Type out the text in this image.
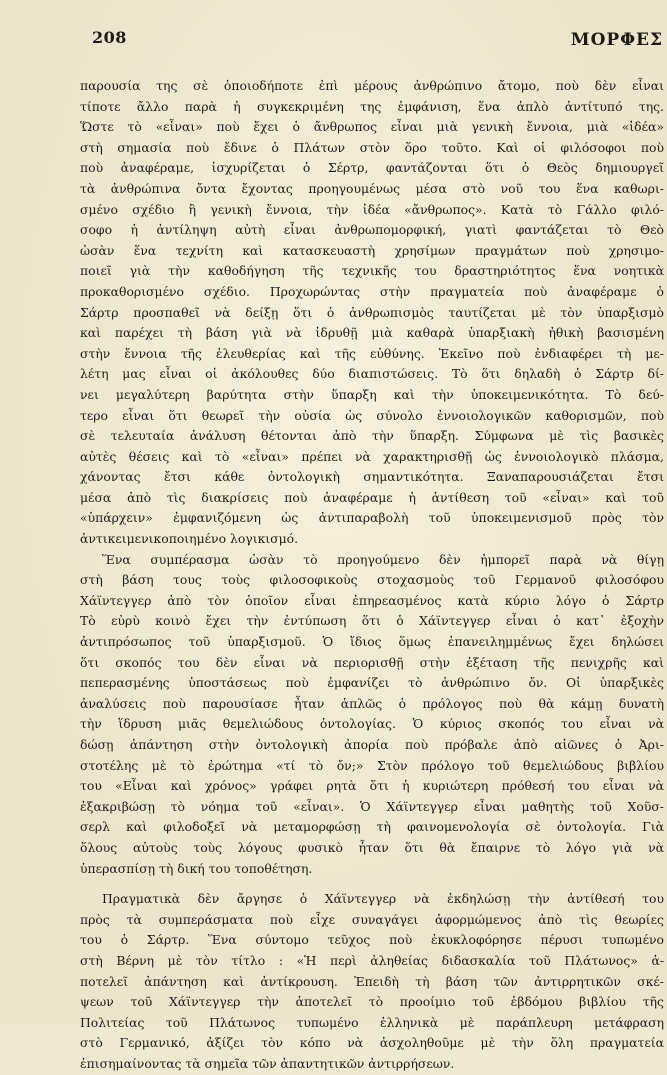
208	ΜΟΡΦΕΣ
παρουσία της σὲ ὁποιοδήποτε ἐπὶ μέρους ἀνθρώπινο ἄτομο, ποὺ δὲν εἶναι
τίποτε ἄλλο παρὰ ἡ συγκεκριμένη της ἐμφάνιση, ἕνα ἁπλὸ ἀντίτυπό της.
Ὥστε τὸ «εἶναι» ποὺ ἔχει ὁ ἄνθρωπος εἶναι μιὰ γενικὴ ἔννοια, μιὰ «ἰδέα»
στὴ σημασία ποὺ ἔδινε ὁ Πλάτων στὸν ὅρο τοῦτο. Καὶ οἱ φιλόσοφοι ποὺ
ποὺ ἀναφέραμε, ἰσχυρίζεται ὁ Σέρτρ, φαντάζονται ὅτι ὁ Θεὸς δημιουργεῖ
τὰ ἀνθρώπινα ὄντα ἔχοντας προηγουμένως μέσα στὸ νοῦ του ἕνα καθωρι-
σμένο σχέδιο ἢ γενικὴ ἔννοια, τὴν ἰδέα «ἄνθρωπος». Κατὰ τὸ Γάλλο φιλό-
σοφο ἡ ἀντίληψη αὐτὴ εἶναι ἀνθρωπομορφική, γιατὶ φαντάζεται τὸ Θεὸ
ὡσὰν ἕνα τεχνίτη καὶ κατασκευαστὴ χρησίμων πραγμάτων ποὺ χρησιμο-
ποιεῖ γιὰ τὴν καθοδήγηση τῆς τεχνικῆς του δραστηριότητος ἕνα νοητικὰ
προκαθορισμένο σχέδιο. Προχωρώντας στὴν πραγματεία ποὺ ἀναφέραμε ὁ
Σάρτρ προσπαθεῖ νὰ δείξῃ ὅτι ὁ ἀνθρωπισμὸς ταυτίζεται μὲ τὸν ὑπαρξισμὸ
καὶ παρέχει τὴ βάση γιὰ νὰ ἱδρυθῇ μιὰ καθαρὰ ὑπαρξιακὴ ἠθικὴ βασισμένη
στὴν ἔννοια τῆς ἐλευθερίας καὶ τῆς εὐθύνης. Ἐκεῖνο ποὺ ἐνδιαφέρει τὴ με-
λέτη μας εἶναι οἱ ἀκόλουθες δύο διαπιστώσεις. Τὸ ὅτι δηλαδὴ ὁ Σάρτρ δί-
νει μεγαλύτερη βαρύτητα στὴν ὕπαρξη καὶ τὴν ὑποκειμενικότητα. Τὸ δεύ-
τερο εἶναι ὅτι θεωρεῖ τὴν οὐσία ὡς σύνολο ἐννοιολογικῶν καθορισμῶν, ποὺ
σὲ τελευταία ἀνάλυση θέτονται ἀπὸ τὴν ὕπαρξη. Σύμφωνα μὲ τὶς βασικὲς
αὐτὲς θέσεις καὶ τὸ «εἶναι» πρέπει νὰ χαρακτηρισθῇ ὡς ἐννοιολογικὸ πλάσμα,
χάνοντας ἔτσι κάθε ὀντολογικὴ σημαντικότητα. Ξαναπαρουσιάζεται ἔτσι
μέσα ἀπὸ τὶς διακρίσεις ποὺ ἀναφέραμε ἡ ἀντίθεση τοῦ «εἶναι» καὶ τοῦ
«ὑπάρχειν» ἐμφανιζόμενη ὡς ἀντιπαραβολὴ τοῦ ὑποκειμενισμοῦ πρὸς τὸν
ἀντικειμενικοποιημένο λογικισμό.
Ἕνα συμπέρασμα ὡσὰν τὸ προηγούμενο δὲν ἠμπορεῖ παρὰ νὰ θίγῃ
στὴ βάση τους τοὺς φιλοσοφικοὺς στοχασμοὺς τοῦ Γερμανοῦ φιλοσόφου
Χάϊντεγγερ ἀπὸ τὸν ὁποῖον εἶναι ἐπηρεασμένος κατὰ κύριο λόγο ὁ Σάρτρ
Τὸ εὐρὺ κοινὸ ἔχει τὴν ἐντύπωση ὅτι ὁ Χάϊντεγγερ εἶναι ὁ κατ᾽ ἐξοχὴν
ἀντιπρόσωπος τοῦ ὑπαρξισμοῦ. Ὁ ἴδιος ὅμως ἐπανειλημμένως ἔχει δηλώσει
ὅτι σκοπός του δὲν εἶναι νὰ περιορισθῇ στὴν ἐξέταση τῆς πενιχρῆς καὶ
πεπερασμένης ὑποστάσεως ποὺ ἐμφανίζει τὸ ἀνθρώπινο ὄν. Οἱ ὑπαρξικὲς
ἀναλύσεις ποὺ παρουσίασε ἦταν ἁπλῶς ὁ πρόλογος ποὺ θὰ κάμῃ δυνατὴ
τὴν ἵδρυση μιᾶς θεμελιώδους ὀντολογίας. Ὁ κύριος σκοπός του εἶναι νὰ
δώσῃ ἀπάντηση στὴν ὀντολογικὴ ἀπορία ποὺ πρόβαλε ἀπὸ αἰῶνες ὁ Ἀρι-
στοτέλης μὲ τὸ ἐρώτημα «τί τὸ ὄν;» Στὸν πρόλογο τοῦ θεμελιώδους βιβλίου
του «Εἶναι καὶ χρόνος» γράφει ρητὰ ὅτι ἡ κυριώτερη πρόθεσή του εἶναι νὰ
ἐξακριβώσῃ τὸ νόημα τοῦ «εἶναι». Ὁ Χάϊντεγγερ εἶναι μαθητὴς τοῦ Χοῦσ-
σερλ καὶ φιλοδοξεῖ νὰ μεταμορφώσῃ τὴ φαινομενολογία σὲ ὀντολογία. Γιὰ
ὅλους αὐτοὺς τοὺς λόγους φυσικὸ ἦταν ὅτι θὰ ἔπαιρνε τὸ λόγο γιὰ νὰ
ὑπερασπίσῃ τὴ δική του τοποθέτηση.
Πραγματικὰ δὲν ἄργησε ὁ Χάϊντεγγερ νὰ ἐκδηλώσῃ τὴν ἀντίθεσή του
πρὸς τὰ συμπεράσματα ποὺ εἶχε συναγάγει ἀφορμώμενος ἀπὸ τὶς θεωρίες
του ὁ Σάρτρ. Ἕνα σύντομο τεῦχος ποὺ ἐκυκλοφόρησε πέρυσι τυπωμένο
στὴ Βέρνη μὲ τὸν τίτλο : «Ἡ περὶ ἀληθείας διδασκαλία τοῦ Πλάτωνος» ἀ-
ποτελεῖ ἀπάντηση καὶ ἀντίκρουση. Ἐπειδὴ τὴ βάση τῶν ἀντιρρητικῶν σκέ-
ψεων τοῦ Χάϊντεγγερ τὴν ἀποτελεῖ τὸ προοίμιο τοῦ ἑβδόμου βιβλίου τῆς
Πολιτείας τοῦ Πλάτωνος τυπωμένο ἑλληνικὰ μὲ παράπλευρη μετάφραση
στὸ Γερμανικό, ἀξίζει τὸν κόπο νὰ ἀσχοληθοῦμε μὲ τὴν ὅλη πραγματεία
ἐπισημαίνοντας τὰ σημεῖα τῶν ἀπαντητικῶν ἀντιρρήσεων.
